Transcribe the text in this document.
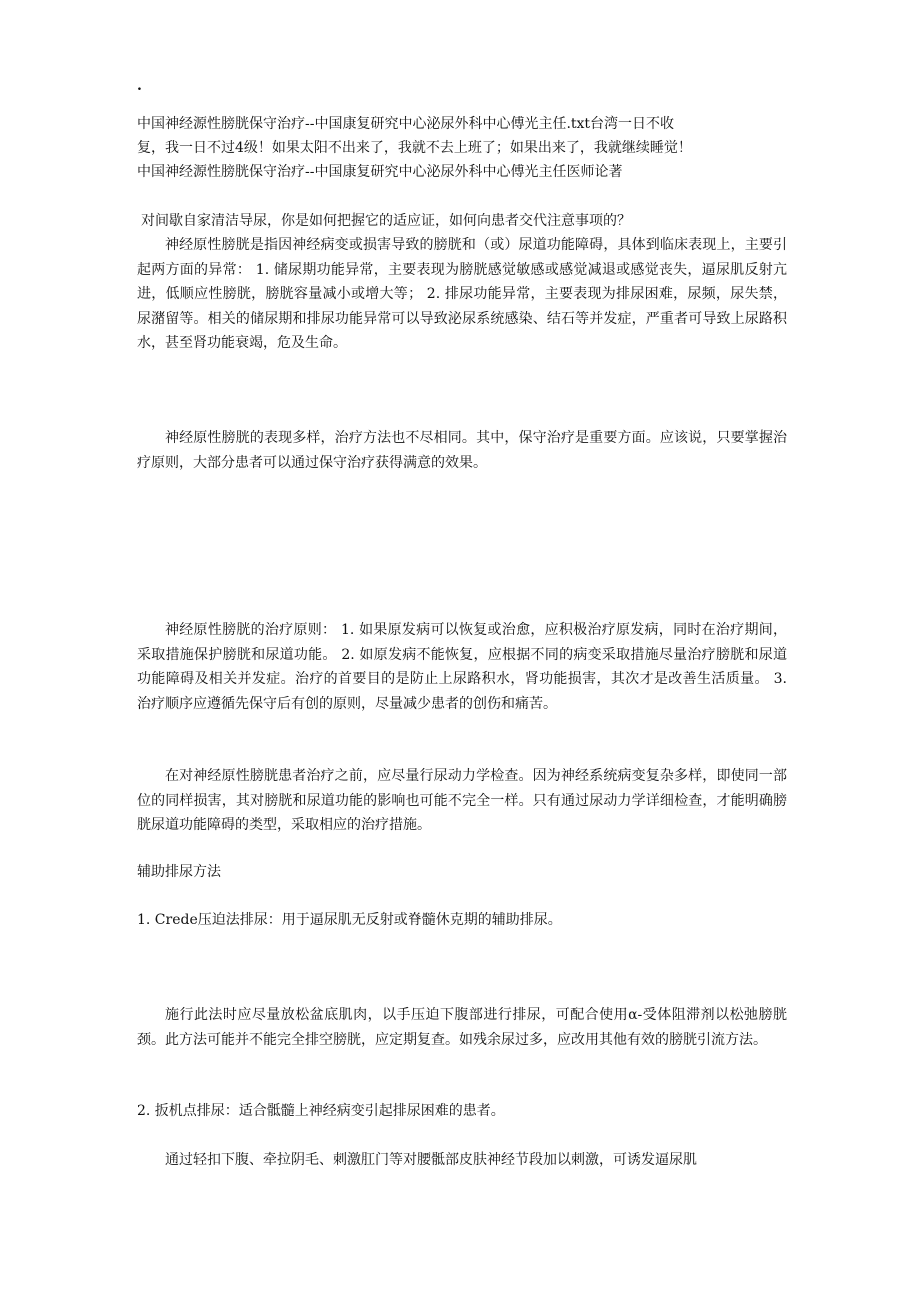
.
中国神经源性膀胱保守治疗--中国康复研究中心泌尿外科中心傅光主任.txt台湾一日不收
复，我一日不过4级！如果太阳不出来了，我就不去上班了；如果出来了，我就继续睡觉！
中国神经源性膀胱保守治疗--中国康复研究中心泌尿外科中心傅光主任医师论著

对间歇自家清洁导尿，你是如何把握它的适应证，如何向患者交代注意事项的？

神经原性膀胱是指因神经病变或损害导致的膀胱和（或）尿道功能障碍，具体到临床表现上，主要引起两方面的异常： 1. 储尿期功能异常，主要表现为膀胱感觉敏感或感觉减退或感觉丧失，逼尿肌反射亢进，低顺应性膀胱，膀胱容量减小或增大等； 2. 排尿功能异常，主要表现为排尿困难，尿频，尿失禁，尿潴留等。相关的储尿期和排尿功能异常可以导致泌尿系统感染、结石等并发症，严重者可导致上尿路积水，甚至肾功能衰竭，危及生命。

神经原性膀胱的表现多样，治疗方法也不尽相同。其中，保守治疗是重要方面。应该说，只要掌握治疗原则，大部分患者可以通过保守治疗获得满意的效果。

神经原性膀胱的治疗原则： 1. 如果原发病可以恢复或治愈，应积极治疗原发病，同时在治疗期间，采取措施保护膀胱和尿道功能。 2. 如原发病不能恢复，应根据不同的病变采取措施尽量治疗膀胱和尿道功能障碍及相关并发症。治疗的首要目的是防止上尿路积水，肾功能损害，其次才是改善生活质量。 3. 治疗顺序应遵循先保守后有创的原则，尽量减少患者的创伤和痛苦。

在对神经原性膀胱患者治疗之前，应尽量行尿动力学检查。因为神经系统病变复杂多样，即使同一部位的同样损害，其对膀胱和尿道功能的影响也可能不完全一样。只有通过尿动力学详细检查，才能明确膀胱尿道功能障碍的类型，采取相应的治疗措施。

辅助排尿方法

1. Crede压迫法排尿：用于逼尿肌无反射或脊髓休克期的辅助排尿。

施行此法时应尽量放松盆底肌肉，以手压迫下腹部进行排尿，可配合使用α-受体阻滞剂以松弛膀胱颈。此方法可能并不能完全排空膀胱，应定期复查。如残余尿过多，应改用其他有效的膀胱引流方法。

2. 扳机点排尿：适合骶髓上神经病变引起排尿困难的患者。

通过轻扣下腹、牵拉阴毛、刺激肛门等对腰骶部皮肤神经节段加以刺激，可诱发逼尿肌
